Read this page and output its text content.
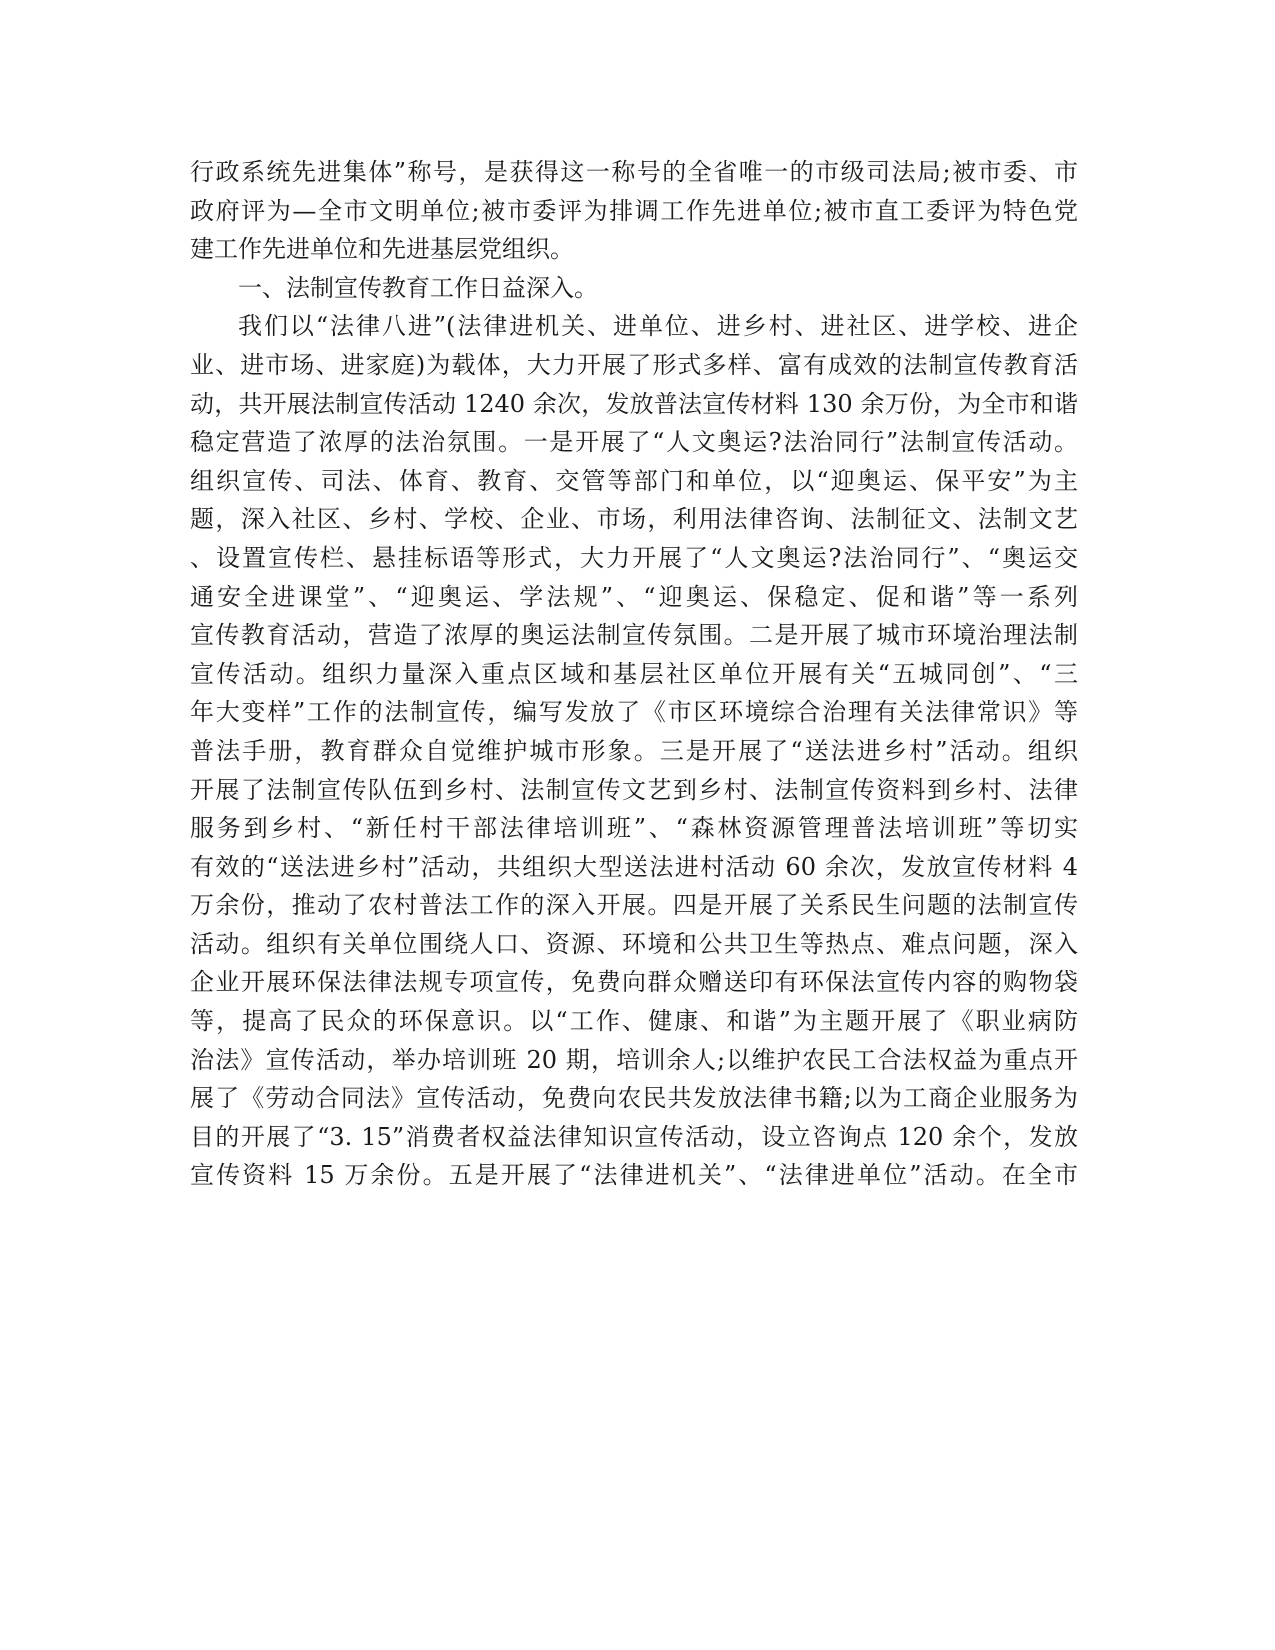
行政系统先进集体”称号，是获得这一称号的全省唯一的市级司法局;被市委、市
政府评为—全市文明单位;被市委评为排调工作先进单位;被市直工委评为特色党
建工作先进单位和先进基层党组织。
一、法制宣传教育工作日益深入。
我们以“法律八进”(法律进机关、进单位、进乡村、进社区、进学校、进企
业、进市场、进家庭)为载体，大力开展了形式多样、富有成效的法制宣传教育活
动，共开展法制宣传活动 1240 余次，发放普法宣传材料 130 余万份，为全市和谐
稳定营造了浓厚的法治氛围。一是开展了“人文奥运?法治同行”法制宣传活动。
组织宣传、司法、体育、教育、交管等部门和单位，以“迎奥运、保平安”为主
题，深入社区、乡村、学校、企业、市场，利用法律咨询、法制征文、法制文艺
、设置宣传栏、悬挂标语等形式，大力开展了“人文奥运?法治同行”、“奥运交
通安全进课堂”、“迎奥运、学法规”、“迎奥运、保稳定、促和谐”等一系列
宣传教育活动，营造了浓厚的奥运法制宣传氛围。二是开展了城市环境治理法制
宣传活动。组织力量深入重点区域和基层社区单位开展有关“五城同创”、“三
年大变样”工作的法制宣传，编写发放了《市区环境综合治理有关法律常识》等
普法手册，教育群众自觉维护城市形象。三是开展了“送法进乡村”活动。组织
开展了法制宣传队伍到乡村、法制宣传文艺到乡村、法制宣传资料到乡村、法律
服务到乡村、“新任村干部法律培训班”、“森林资源管理普法培训班”等切实
有效的“送法进乡村”活动，共组织大型送法进村活动 60 余次，发放宣传材料 4
万余份，推动了农村普法工作的深入开展。四是开展了关系民生问题的法制宣传
活动。组织有关单位围绕人口、资源、环境和公共卫生等热点、难点问题，深入
企业开展环保法律法规专项宣传，免费向群众赠送印有环保法宣传内容的购物袋
等，提高了民众的环保意识。以“工作、健康、和谐”为主题开展了《职业病防
治法》宣传活动，举办培训班 20 期，培训余人;以维护农民工合法权益为重点开
展了《劳动合同法》宣传活动，免费向农民共发放法律书籍;以为工商企业服务为
目的开展了“3. 15”消费者权益法律知识宣传活动，设立咨询点 120 余个，发放
宣传资料 15 万余份。五是开展了“法律进机关”、“法律进单位”活动。在全市
